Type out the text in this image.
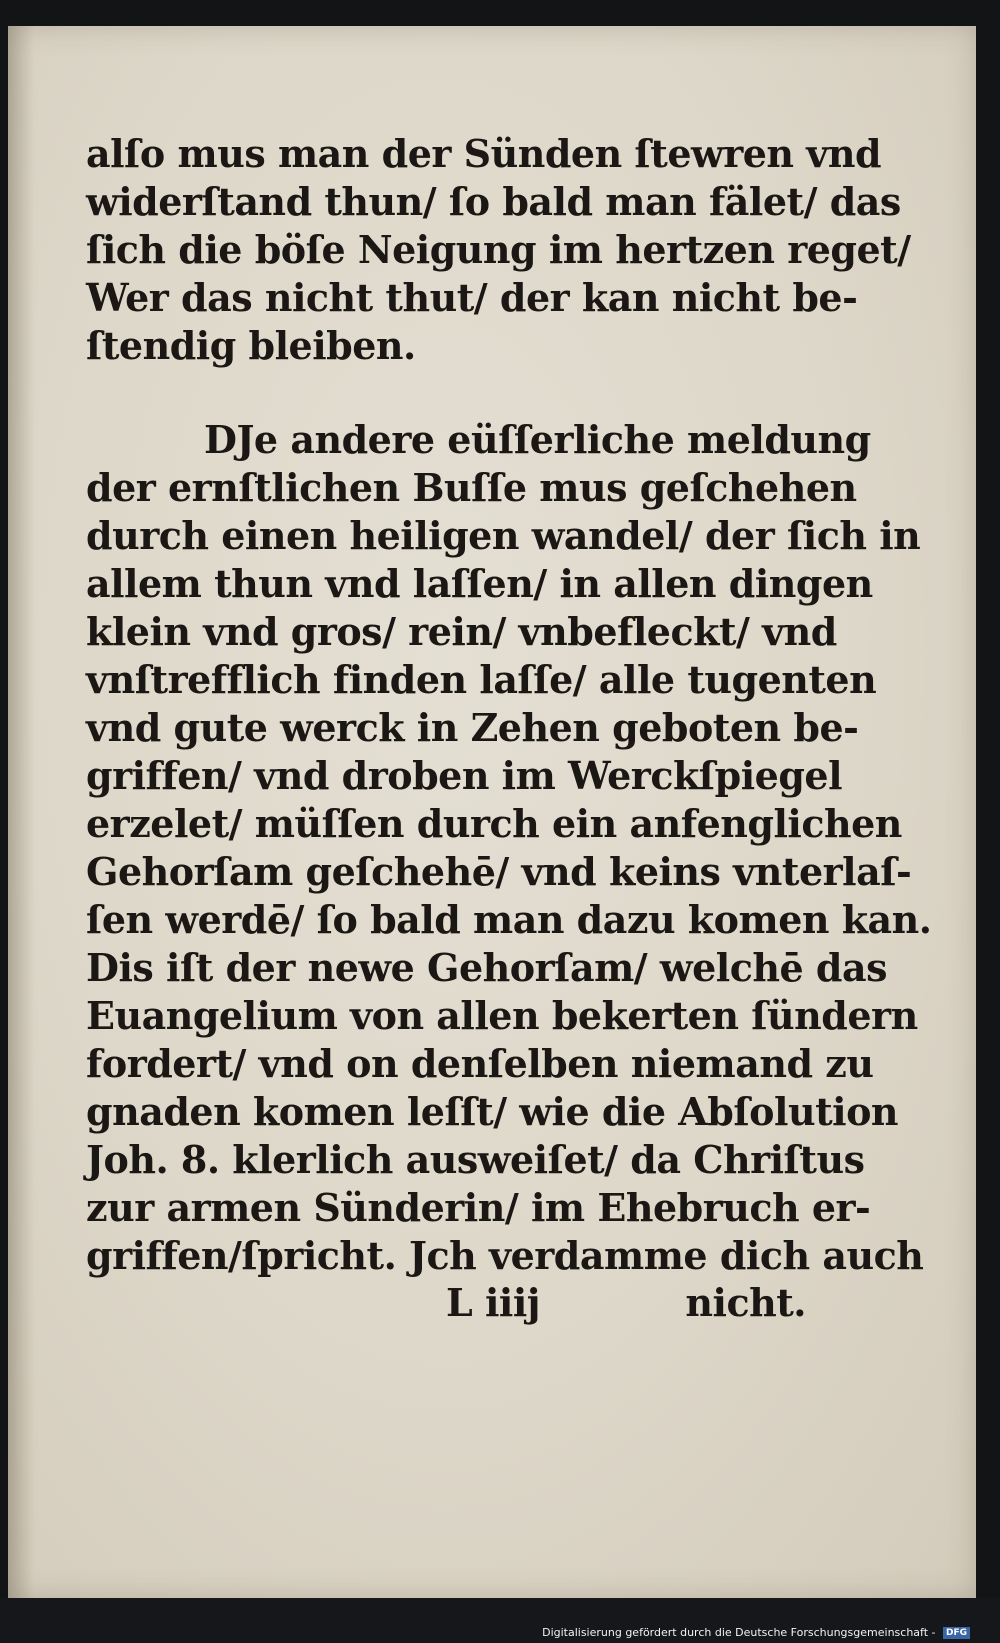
alſo mus man der Sünden ſtewren vnd
widerſtand thun/ ſo bald man fälet/ das
ſich die böſe Neigung im hertzen reget/
Wer das nicht thut/ der kan nicht be-
ſtendig bleiben.
DJe andere eüſſerliche meldung
der ernſtlichen Buſſe mus geſchehen
durch einen heiligen wandel/ der ſich in
allem thun vnd laſſen/ in allen dingen
klein vnd gros/ rein/ vnbefleckt/ vnd
vnſtrefflich finden laſſe/ alle tugenten
vnd gute werck in Zehen geboten be-
griffen/ vnd droben im Werckſpiegel
erzelet/ müſſen durch ein anfenglichen
Gehorſam geſchehē/ vnd keins vnterlaſ-
ſen werdē/ ſo bald man dazu komen kan.
Dis iſt der newe Gehorſam/ welchē das
Euangelium von allen bekerten ſündern
fordert/ vnd on denſelben niemand zu
gnaden komen leſſt/ wie die Abſolution
Joh. 8. klerlich ausweiſet/ da Chriſtus
zur armen Sünderin/ im Ehebruch er-
griffen/ſpricht. Jch verdamme dich auch
L iiij	nicht.
Digitalisierung gefördert durch die Deutsche Forschungsgemeinschaft - DFG
